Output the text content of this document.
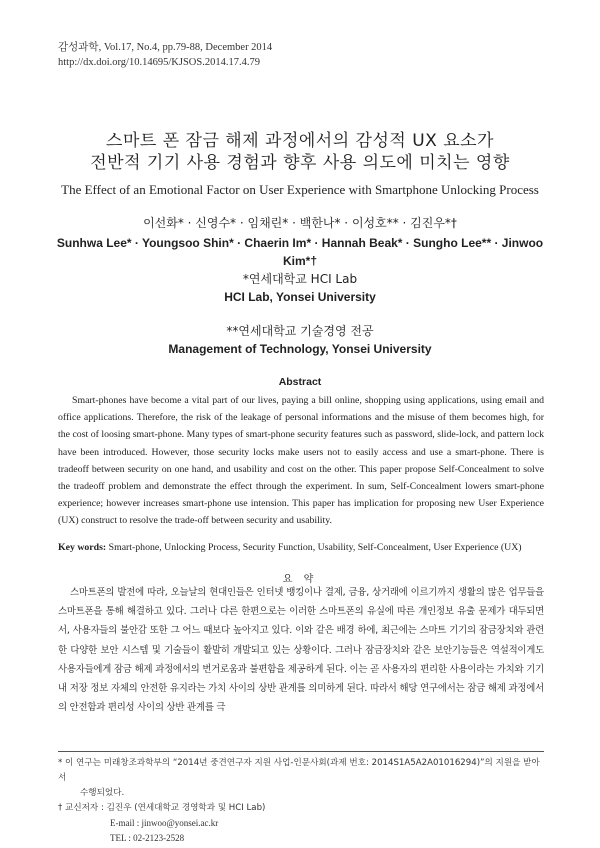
감성과학, Vol.17, No.4, pp.79-88, December 2014
http://dx.doi.org/10.14695/KJSOS.2014.17.4.79
스마트 폰 잠금 해제 과정에서의 감성적 UX 요소가
전반적 기기 사용 경험과 향후 사용 의도에 미치는 영향
The Effect of an Emotional Factor on User Experience with Smartphone Unlocking Process
이선화* · 신영수* · 임채린* · 백한나* · 이성호** · 김진우*†
Sunhwa Lee* · Youngsoo Shin* · Chaerin Im* · Hannah Beak* · Sungho Lee** · Jinwoo Kim*†
*연세대학교 HCI Lab
HCI Lab, Yonsei University
**연세대학교 기술경영 전공
Management of Technology, Yonsei University
Abstract

Smart-phones have become a vital part of our lives, paying a bill online, shopping using applications, using email and office applications. Therefore, the risk of the leakage of personal informations and the misuse of them becomes high, for the cost of loosing smart-phone. Many types of smart-phone security features such as password, slide-lock, and pattern lock have been introduced. However, those security locks make users not to easily access and use a smart-phone. There is tradeoff between security on one hand, and usability and cost on the other. This paper propose Self-Concealment to solve the tradeoff problem and demonstrate the effect through the experiment. In sum, Self-Concealment lowers smart-phone experience; however increases smart-phone use intension. This paper has implication for proposing new User Experience (UX) construct to resolve the trade-off between security and usability.

Key words: Smart-phone, Unlocking Process, Security Function, Usability, Self-Concealment, User Experience (UX)

요 약

스마트폰의 발전에 따라, 오늘날의 현대인들은 인터넷 뱅킹이나 결제, 금융, 상거래에 이르기까지 생활의 많은 업무들을 스마트폰을 통해 해결하고 있다. 그러나 다른 한편으로는 이러한 스마트폰의 유실에 따른 개인정보 유출 문제가 대두되면서, 사용자들의 불안감 또한 그 어느 때보다 높아지고 있다. 이와 같은 배경 하에, 최근에는 스마트 기기의 잠금장치와 관련한 다양한 보안 시스템 및 기술들이 활발히 개발되고 있는 상황이다. 그러나 잠금장치와 같은 보안기능들은 역설적이게도 사용자들에게 잠금 해제 과정에서의 번거로움과 불편함을 제공하게 된다. 이는 곧 사용자의 편리한 사용이라는 가치와 기기 내 저장 정보 자체의 안전한 유지라는 가치 사이의 상반 관계를 의미하게 된다. 따라서 해당 연구에서는 잠금 해제 과정에서의 안전함과 편리성 사이의 상반 관계를 극

* 이 연구는 미래창조과학부의 “2014년 중견연구자 지원 사업-인문사회(과제 번호: 2014S1A5A2A01016294)”의 지원을 받아서

수행되었다.

† 교신저자 : 김진우 (연세대학교 경영학과 및 HCI Lab)

E-mail : jinwoo@yonsei.ac.kr

TEL : 02-2123-2528
